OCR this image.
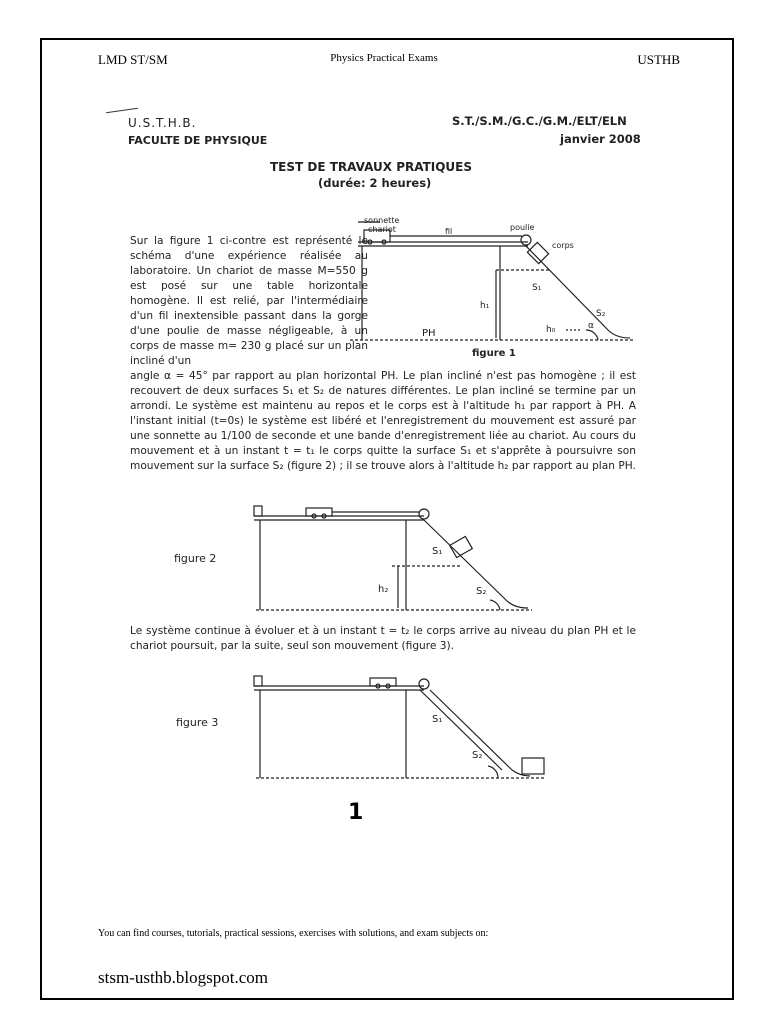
LMD ST/SM	Physics Practical Exams	USTHB
U.S.T.H.B.
FACULTE DE PHYSIQUE
S.T./S.M./G.C./G.M./ELT/ELN
janvier 2008
TEST DE TRAVAUX PRATIQUES
(durée: 2 heures)
Sur la figure 1 ci-contre est représenté le schéma d'une expérience réalisée au laboratoire. Un chariot de masse M=550 g est posé sur une table horizontale homogène. Il est relié, par l'intermédiaire d'un fil inextensible passant dans la gorge d'une poulie de masse négligeable, à un corps de masse m= 230 g placé sur un plan incliné d'un
angle α = 45° par rapport au plan horizontal PH. Le plan incliné n'est pas homogène ; il est recouvert de deux surfaces S₁ et S₂ de natures différentes. Le plan incliné se termine par un arrondi. Le système est maintenu au repos et le corps est à l'altitude h₁ par rapport à PH. A l'instant initial (t=0s) le système est libéré et l'enregistrement du mouvement est assuré par une sonnette au 1/100 de seconde et une bande d'enregistrement liée au chariot. Au cours du mouvement et à un instant t = t₁ le corps quitte la surface S₁ et s'apprête à poursuivre son mouvement sur la surface S₂ (figure 2) ; il se trouve alors à l'altitude h₂ par rapport au plan PH.
Le système continue à évoluer et à un instant t = t₂ le corps arrive au niveau du plan PH et le chariot poursuit, par la suite, seul son mouvement (figure 3).
sonnette
chariot	fil	poulie
corps
S₁
S₂
h₁
h₀
PH
α
figure 1
figure 2
S₁
S₂
h₂
figure 3	S₁
S₂
1
You can find courses, tutorials, practical sessions, exercises with solutions, and exam subjects on:
stsm-usthb.blogspot.com
